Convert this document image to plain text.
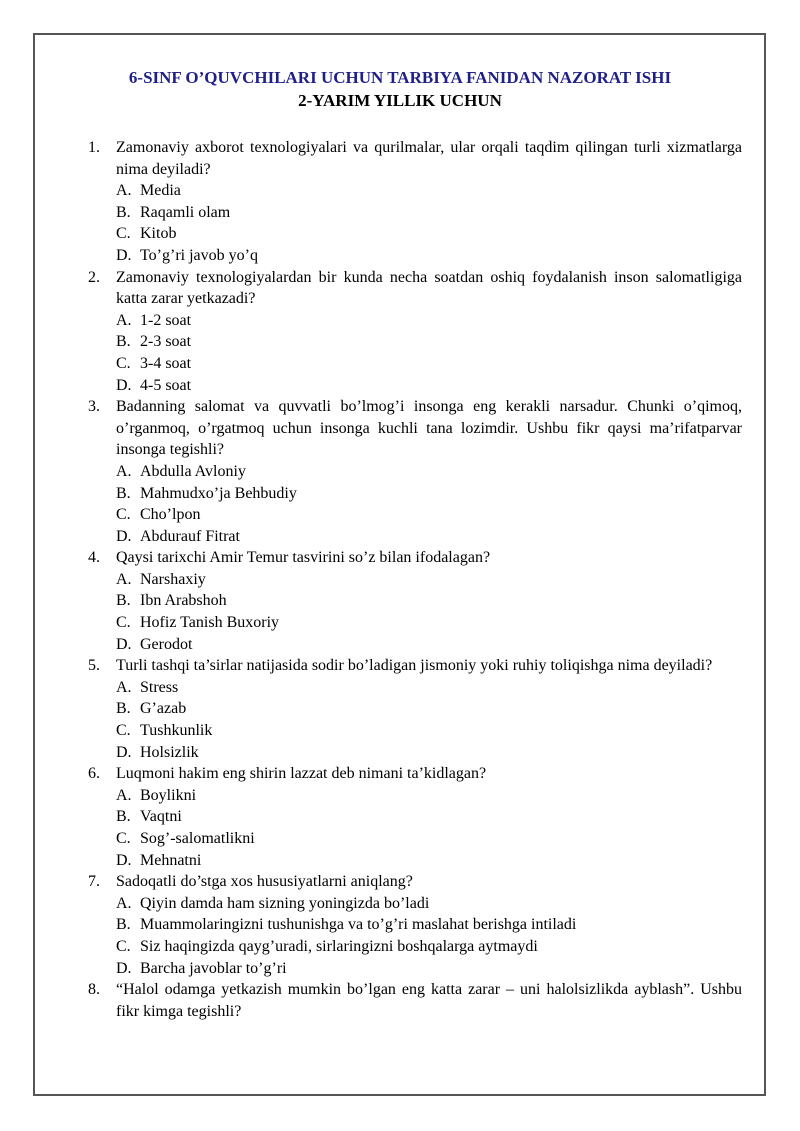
6-SINF O’QUVCHILARI UCHUN TARBIYA FANIDAN NAZORAT ISHI
2-YARIM YILLIK UCHUN
1. Zamonaviy axborot texnologiyalari va qurilmalar, ular orqali taqdim qilingan turli xizmatlarga nima deyiladi?
A. Media
B. Raqamli olam
C. Kitob
D. To’g’ri javob yo’q
2. Zamonaviy texnologiyalardan bir kunda necha soatdan oshiq foydalanish inson salomatligiga katta zarar yetkazadi?
A. 1-2 soat
B. 2-3 soat
C. 3-4 soat
D. 4-5 soat
3. Badanning salomat va quvvatli bo’lmog’i insonga eng kerakli narsadur. Chunki o’qimoq, o’rganmoq, o’rgatmoq uchun insonga kuchli tana lozimdir. Ushbu fikr qaysi ma’rifatparvar insonga tegishli?
A. Abdulla Avloniy
B. Mahmudxo’ja Behbudiy
C. Cho’lpon
D. Abdurauf Fitrat
4. Qaysi tarixchi Amir Temur tasvirini so’z bilan ifodalagan?
A. Narshaxiy
B. Ibn Arabshoh
C. Hofiz Tanish Buxoriy
D. Gerodot
5. Turli tashqi ta’sirlar natijasida sodir bo’ladigan jismoniy yoki ruhiy toliqishga nima deyiladi?
A. Stress
B. G’azab
C. Tushkunlik
D. Holsizlik
6. Luqmoni hakim eng shirin lazzat deb nimani ta’kidlagan?
A. Boylikni
B. Vaqtni
C. Sog’-salomatlikni
D. Mehnatni
7. Sadoqatli do’stga xos hususiyatlarni aniqlang?
A. Qiyin damda ham sizning yoningizda bo’ladi
B. Muammolaringizni tushunishga va to’g’ri maslahat berishga intiladi
C. Siz haqingizda qayg’uradi, sirlaringizni boshqalarga aytmaydi
D. Barcha javoblar to’g’ri
8. “Halol odamga yetkazish mumkin bo’lgan eng katta zarar – uni halolsizlikda ayblash”. Ushbu fikr kimga tegishli?
